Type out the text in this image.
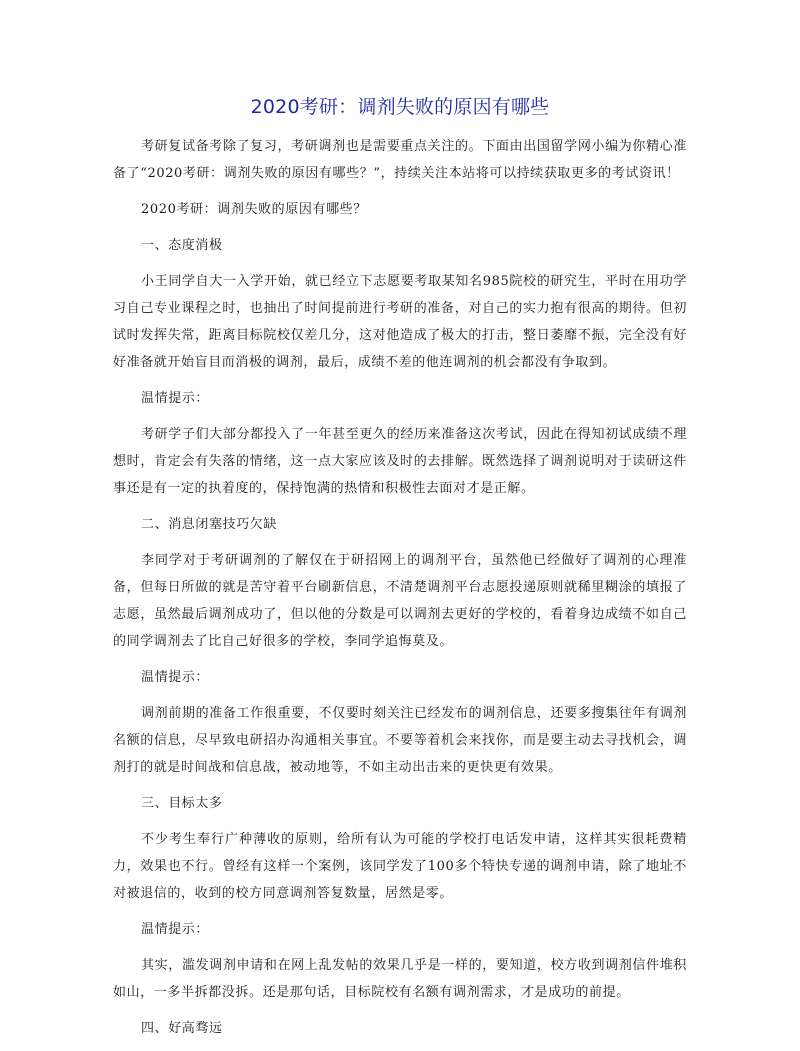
2020考研：调剂失败的原因有哪些

考研复试备考除了复习，考研调剂也是需要重点关注的。下面由出国留学网小编为你精心准备了“2020考研：调剂失败的原因有哪些？”，持续关注本站将可以持续获取更多的考试资讯！

2020考研：调剂失败的原因有哪些？

一、态度消极

小王同学自大一入学开始，就已经立下志愿要考取某知名985院校的研究生，平时在用功学习自己专业课程之时，也抽出了时间提前进行考研的准备，对自己的实力抱有很高的期待。但初试时发挥失常，距离目标院校仅差几分，这对他造成了极大的打击，整日萎靡不振，完全没有好好准备就开始盲目而消极的调剂，最后，成绩不差的他连调剂的机会都没有争取到。

温情提示：

考研学子们大部分都投入了一年甚至更久的经历来准备这次考试，因此在得知初试成绩不理想时，肯定会有失落的情绪，这一点大家应该及时的去排解。既然选择了调剂说明对于读研这件事还是有一定的执着度的，保持饱满的热情和积极性去面对才是正解。

二、消息闭塞技巧欠缺

李同学对于考研调剂的了解仅在于研招网上的调剂平台，虽然他已经做好了调剂的心理准备，但每日所做的就是苦守着平台刷新信息，不清楚调剂平台志愿投递原则就稀里糊涂的填报了志愿，虽然最后调剂成功了，但以他的分数是可以调剂去更好的学校的，看着身边成绩不如自己的同学调剂去了比自己好很多的学校，李同学追悔莫及。

温情提示：

调剂前期的准备工作很重要，不仅要时刻关注已经发布的调剂信息，还要多搜集往年有调剂名额的信息，尽早致电研招办沟通相关事宜。不要等着机会来找你，而是要主动去寻找机会，调剂打的就是时间战和信息战，被动地等，不如主动出击来的更快更有效果。

三、目标太多

不少考生奉行广种薄收的原则，给所有认为可能的学校打电话发申请，这样其实很耗费精力，效果也不行。曾经有这样一个案例，该同学发了100多个特快专递的调剂申请，除了地址不对被退信的，收到的校方同意调剂答复数量，居然是零。

温情提示：

其实，滥发调剂申请和在网上乱发帖的效果几乎是一样的，要知道，校方收到调剂信件堆积如山，一多半拆都没拆。还是那句话，目标院校有名额有调剂需求，才是成功的前提。

四、好高骛远
